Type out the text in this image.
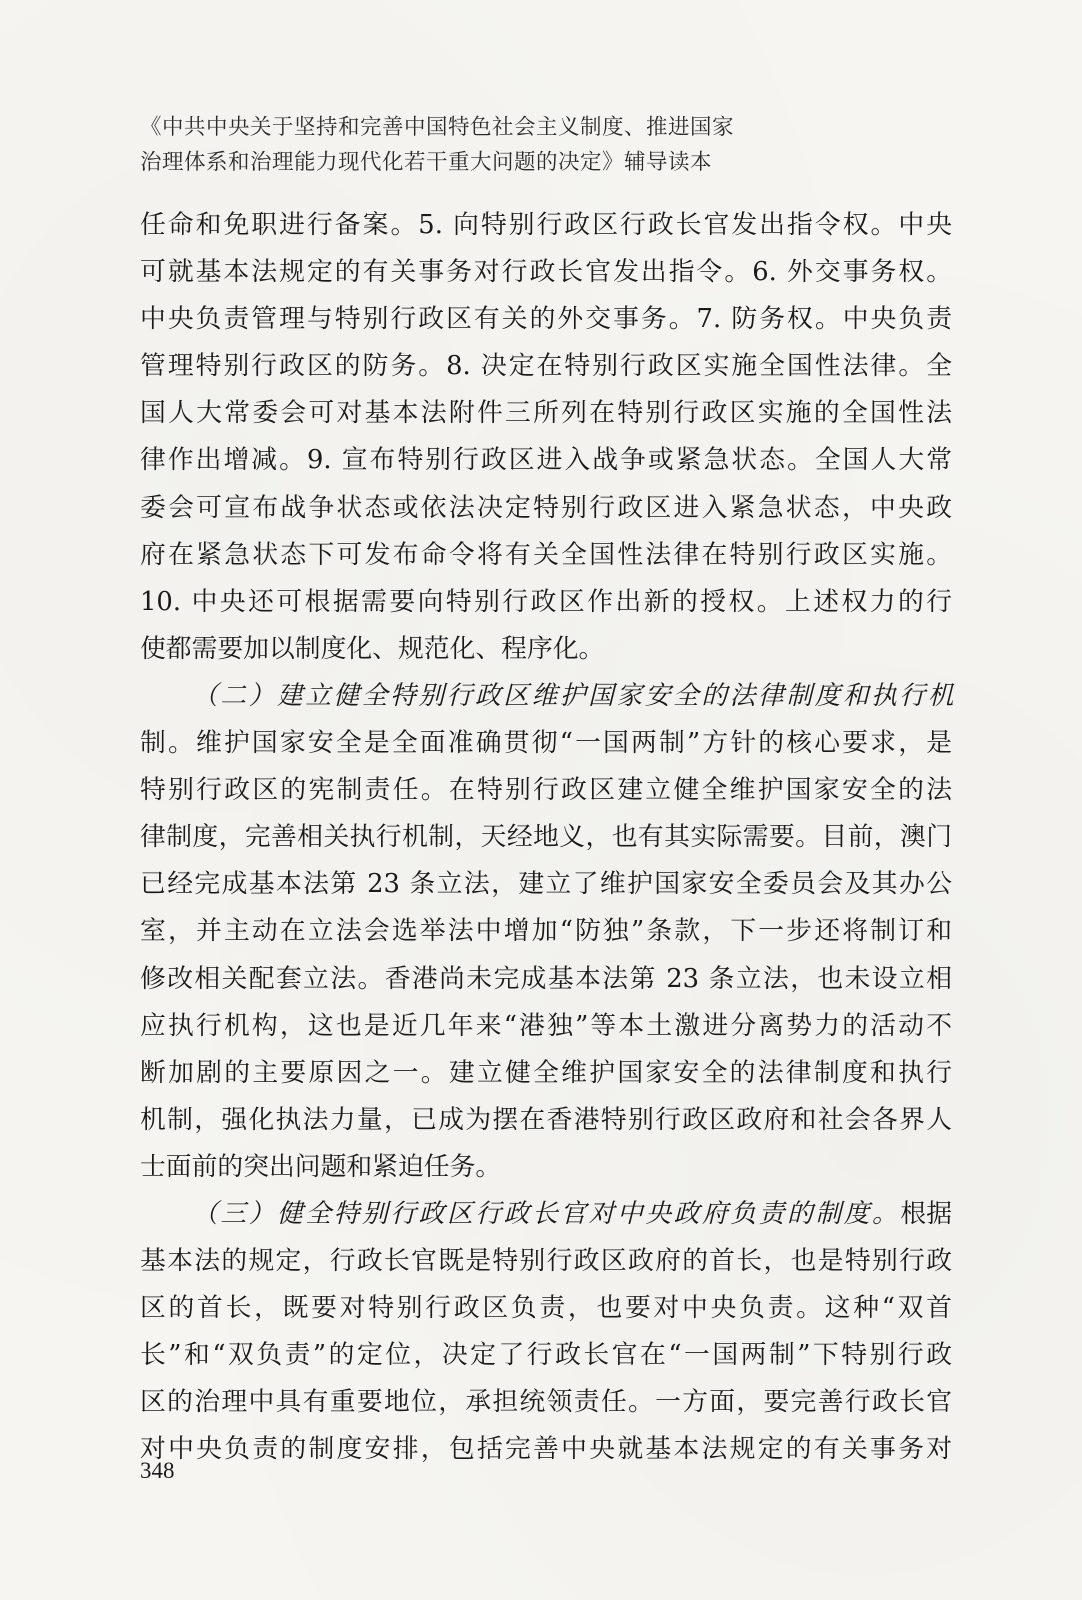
《中共中央关于坚持和完善中国特色社会主义制度、推进国家
治理体系和治理能力现代化若干重大问题的决定》辅导读本
任命和免职进行备案。5. 向特别行政区行政长官发出指令权。中央
可就基本法规定的有关事务对行政长官发出指令。6. 外交事务权。
中央负责管理与特别行政区有关的外交事务。7. 防务权。中央负责
管理特别行政区的防务。8. 决定在特别行政区实施全国性法律。全
国人大常委会可对基本法附件三所列在特别行政区实施的全国性法
律作出增减。9. 宣布特别行政区进入战争或紧急状态。全国人大常
委会可宣布战争状态或依法决定特别行政区进入紧急状态，中央政
府在紧急状态下可发布命令将有关全国性法律在特别行政区实施。
10. 中央还可根据需要向特别行政区作出新的授权。上述权力的行
使都需要加以制度化、规范化、程序化。
（二）建立健全特别行政区维护国家安全的法律制度和执行机
制。维护国家安全是全面准确贯彻“一国两制”方针的核心要求，是
特别行政区的宪制责任。在特别行政区建立健全维护国家安全的法
律制度，完善相关执行机制，天经地义，也有其实际需要。目前，澳门
已经完成基本法第 23 条立法，建立了维护国家安全委员会及其办公
室，并主动在立法会选举法中增加“防独”条款，下一步还将制订和
修改相关配套立法。香港尚未完成基本法第 23 条立法，也未设立相
应执行机构，这也是近几年来“港独”等本土激进分离势力的活动不
断加剧的主要原因之一。建立健全维护国家安全的法律制度和执行
机制，强化执法力量，已成为摆在香港特别行政区政府和社会各界人
士面前的突出问题和紧迫任务。
（三）健全特别行政区行政长官对中央政府负责的制度。根据
基本法的规定，行政长官既是特别行政区政府的首长，也是特别行政
区的首长，既要对特别行政区负责，也要对中央负责。这种“双首
长”和“双负责”的定位，决定了行政长官在“一国两制”下特别行政
区的治理中具有重要地位，承担统领责任。一方面，要完善行政长官
对中央负责的制度安排，包括完善中央就基本法规定的有关事务对
348
